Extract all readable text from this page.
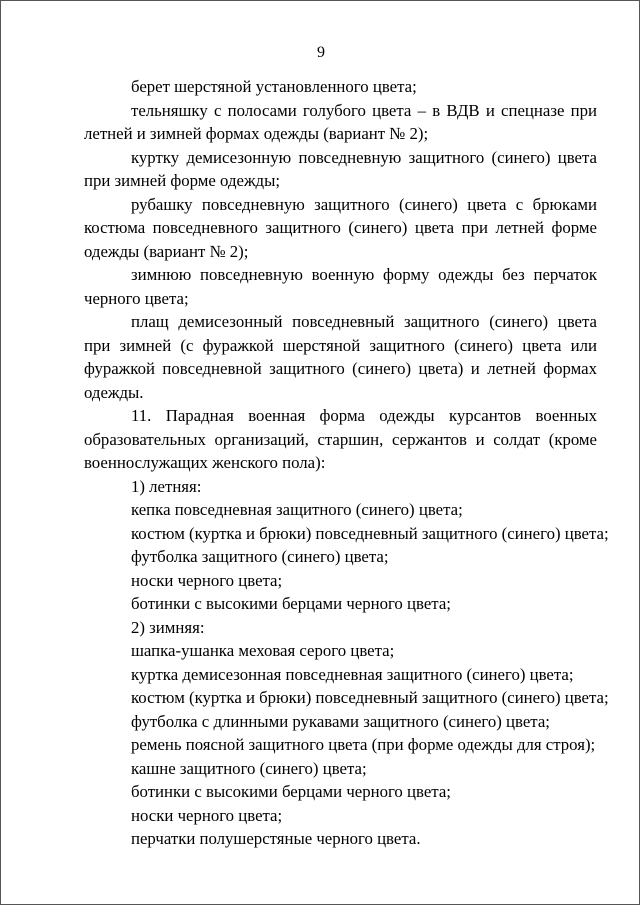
9

берет шерстяной установленного цвета;

тельняшку с полосами голубого цвета – в ВДВ и спецназе при летней и зимней формах одежды (вариант № 2);

куртку демисезонную повседневную защитного (синего) цвета при зимней форме одежды;

рубашку повседневную защитного (синего) цвета с брюками костюма повседневного защитного (синего) цвета при летней форме одежды (вариант № 2);

зимнюю повседневную военную форму одежды без перчаток черного цвета;

плащ демисезонный повседневный защитного (синего) цвета при зимней (с фуражкой шерстяной защитного (синего) цвета или фуражкой повседневной защитного (синего) цвета) и летней формах одежды.

11. Парадная военная форма одежды курсантов военных образовательных организаций, старшин, сержантов и солдат (кроме военнослужащих женского пола):

1) летняя:

кепка повседневная защитного (синего) цвета;

костюм (куртка и брюки) повседневный защитного (синего) цвета;

футболка защитного (синего) цвета;

носки черного цвета;

ботинки с высокими берцами черного цвета;

2) зимняя:

шапка-ушанка меховая серого цвета;

куртка демисезонная повседневная защитного (синего) цвета;

костюм (куртка и брюки) повседневный защитного (синего) цвета;

футболка с длинными рукавами защитного (синего) цвета;

ремень поясной защитного цвета (при форме одежды для строя);

кашне защитного (синего) цвета;

ботинки с высокими берцами черного цвета;

носки черного цвета;

перчатки полушерстяные черного цвета.
